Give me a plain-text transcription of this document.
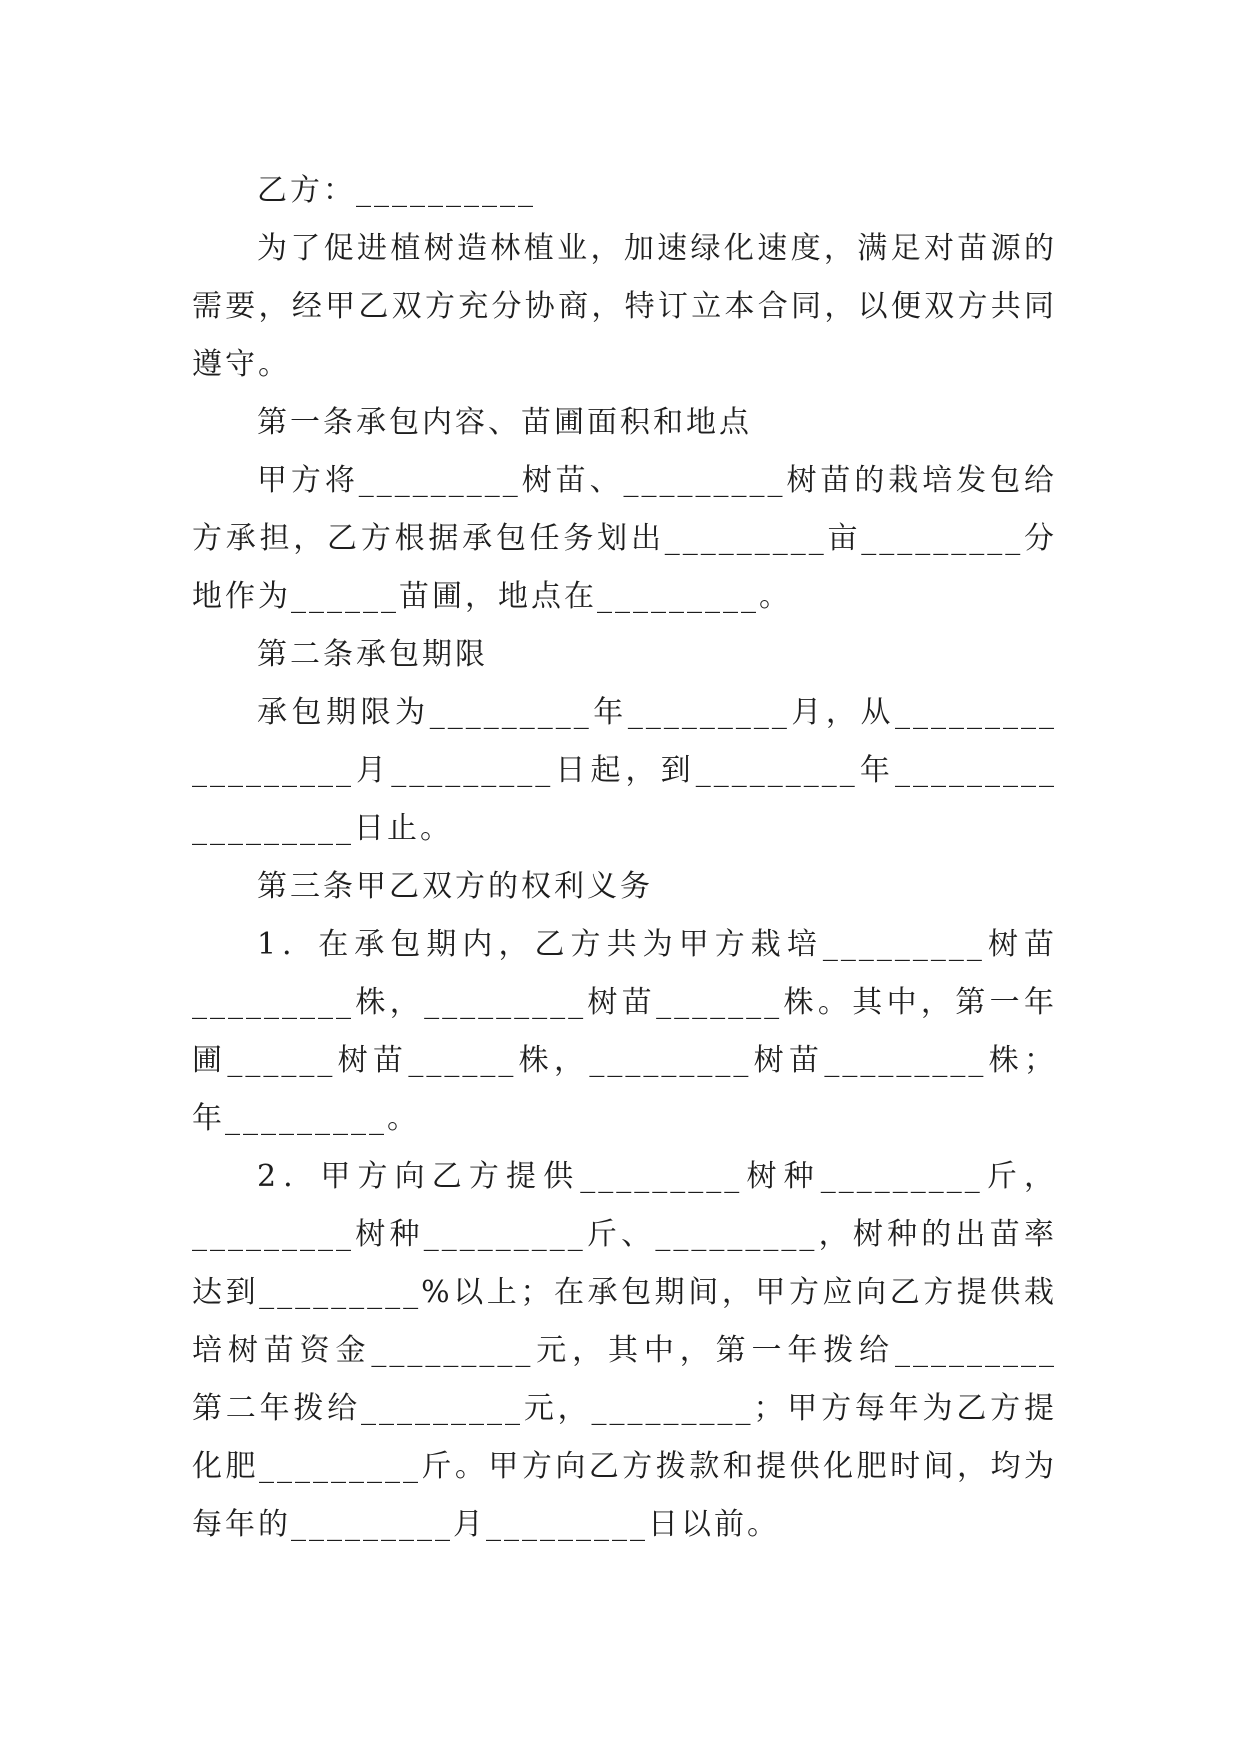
乙方：__________
为了促进植树造林植业，加速绿化速度，满足对苗源的
需要，经甲乙双方充分协商，特订立本合同，以便双方共同
遵守。
第一条承包内容、苗圃面积和地点
甲方将_________树苗、_________树苗的栽培发包给
方承担，乙方根据承包任务划出_________亩_________分
地作为______苗圃，地点在_________。
第二条承包期限
承包期限为_________年_________月，从_________
_________月_________日起，到_________年_________
_________日止。
第三条甲乙双方的权利义务
1．在承包期内，乙方共为甲方栽培_________树苗
_________株，_________树苗_______株。其中，第一年
圃______树苗______株，_________树苗_________株；
年_________。
2．甲方向乙方提供_________树种_________斤，
_________树种_________斤、_________，树种的出苗率
达到_________%以上；在承包期间，甲方应向乙方提供栽
培树苗资金_________元，其中，第一年拨给_________
第二年拨给_________元，_________；甲方每年为乙方提
化肥_________斤。甲方向乙方拨款和提供化肥时间，均为
每年的_________月_________日以前。
